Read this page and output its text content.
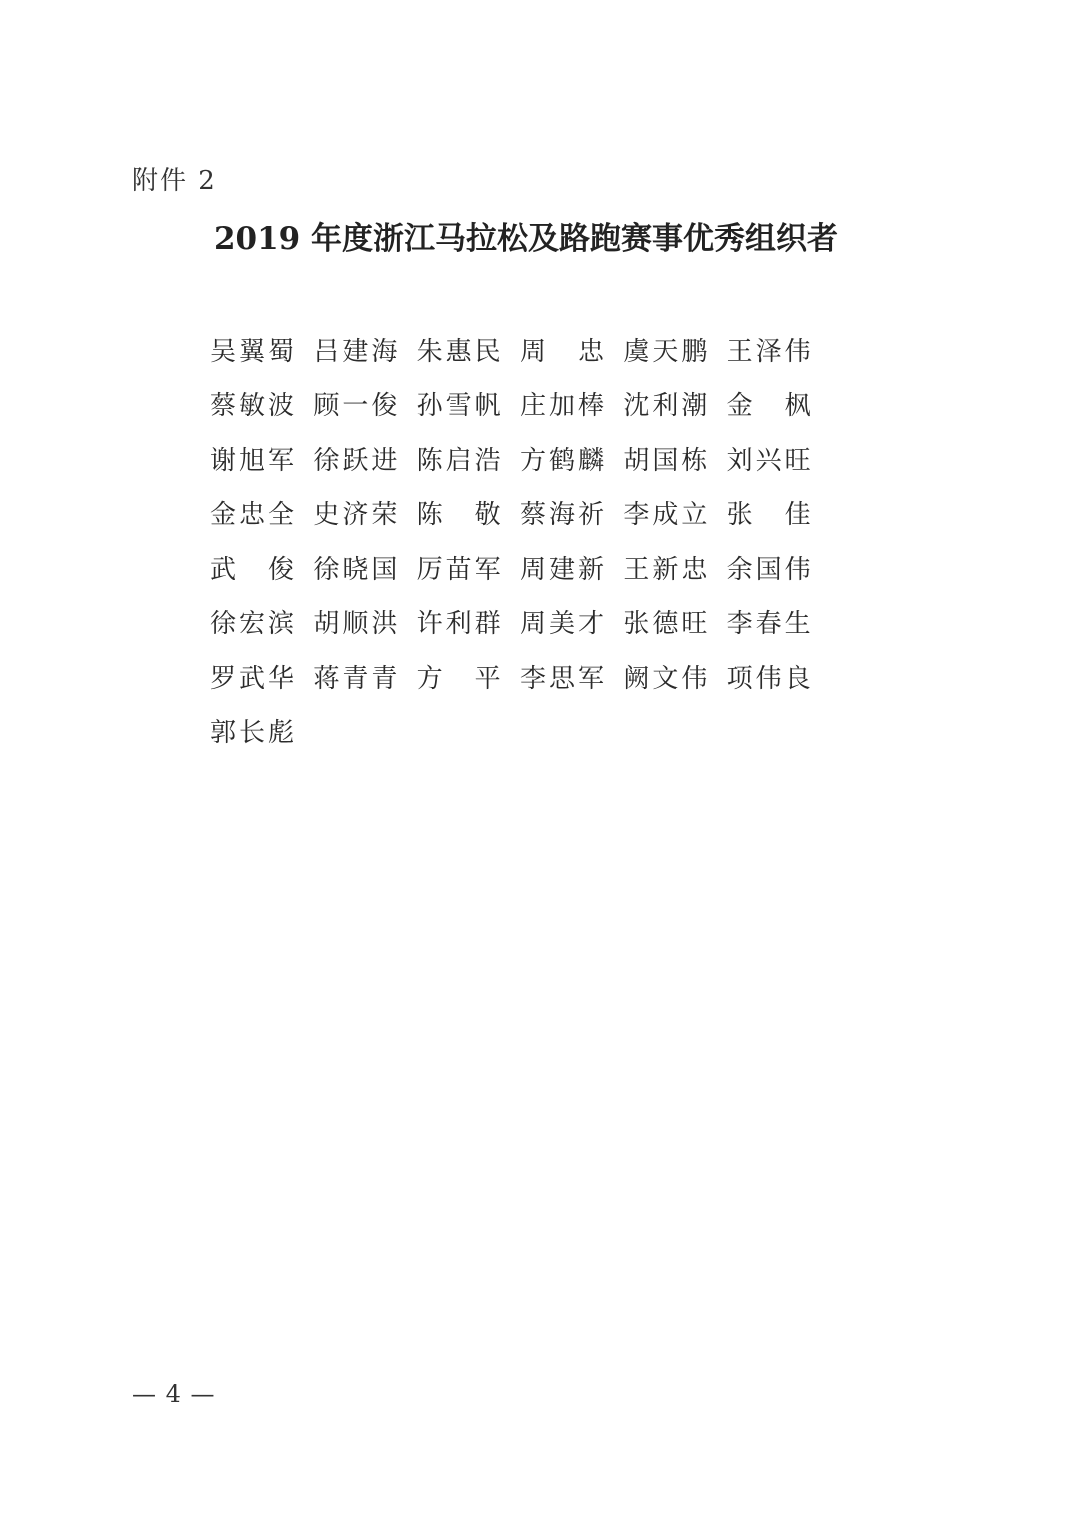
附件 2
2019 年度浙江马拉松及路跑赛事优秀组织者
吴翼蜀 吕建海 朱惠民 周　忠 虞天鹏 王泽伟
蔡敏波 顾一俊 孙雪帆 庄加棒 沈利潮 金　枫
谢旭军 徐跃进 陈启浩 方鹤麟 胡国栋 刘兴旺
金忠全 史济荣 陈　敬 蔡海祈 李成立 张　佳
武　俊 徐晓国 厉苗军 周建新 王新忠 余国伟
徐宏滨 胡顺洪 许利群 周美才 张德旺 李春生
罗武华 蒋青青 方　平 李思军 阙文伟 项伟良
郭长彪
— 4 —
